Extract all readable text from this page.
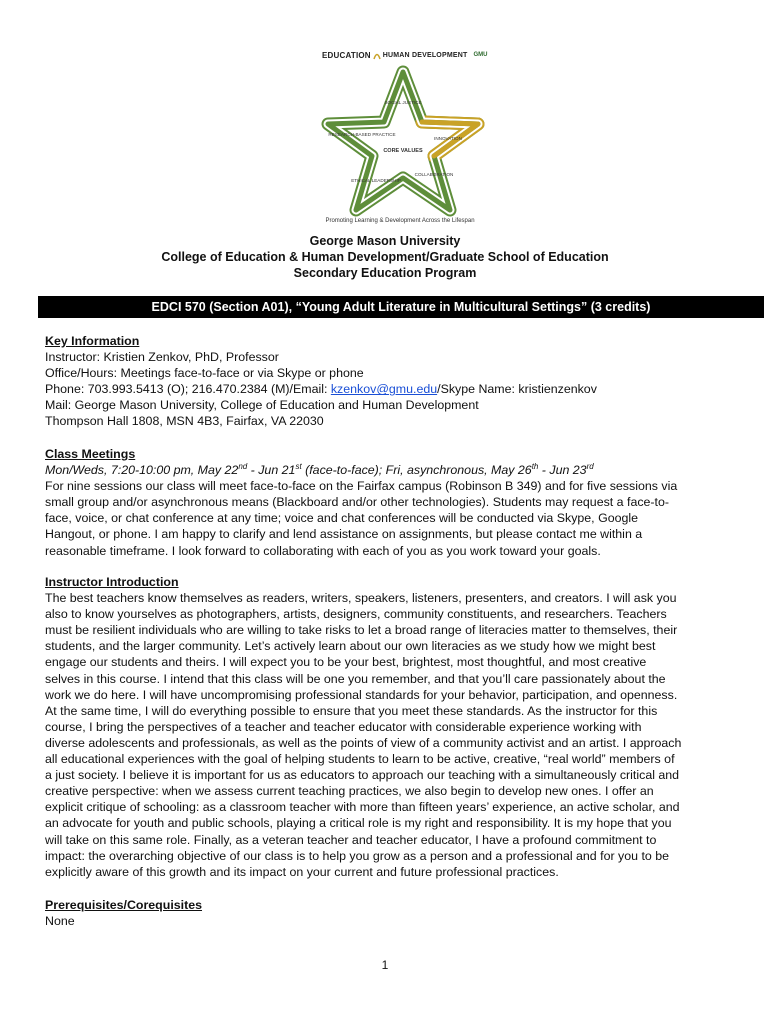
EDUCATION HUMAN DEVELOPMENT GMU
SOCIAL JUSTICE
RESEARCH-BASED PRACTICE
INNOVATION
CORE VALUES
ETHICAL LEADERSHIP
COLLABORATION
Promoting Learning & Development Across the Lifespan
George Mason University
College of Education & Human Development/Graduate School of Education
Secondary Education Program
EDCI 570 (Section A01), “Young Adult Literature in Multicultural Settings” (3 credits)
Key Information
Instructor: Kristien Zenkov, PhD, Professor
Office/Hours: Meetings face-to-face or via Skype or phone
Phone: 703.993.5413 (O); 216.470.2384 (M)/Email: kzenkov@gmu.edu/Skype Name: kristienzenkov
Mail: George Mason University, College of Education and Human Development
Thompson Hall 1808, MSN 4B3, Fairfax, VA 22030
Class Meetings
Mon/Weds, 7:20-10:00 pm, May 22nd - Jun 21st (face-to-face); Fri, asynchronous, May 26th - Jun 23rd
For nine sessions our class will meet face-to-face on the Fairfax campus (Robinson B 349) and for five sessions via
small group and/or asynchronous means (Blackboard and/or other technologies). Students may request a face-to-
face, voice, or chat conference at any time; voice and chat conferences will be conducted via Skype, Google
Hangout, or phone. I am happy to clarify and lend assistance on assignments, but please contact me within a
reasonable timeframe. I look forward to collaborating with each of you as you work toward your goals.
Instructor Introduction
The best teachers know themselves as readers, writers, speakers, listeners, presenters, and creators. I will ask you
also to know yourselves as photographers, artists, designers, community constituents, and researchers. Teachers
must be resilient individuals who are willing to take risks to let a broad range of literacies matter to themselves, their
students, and the larger community. Let’s actively learn about our own literacies as we study how we might best
engage our students and theirs. I will expect you to be your best, brightest, most thoughtful, and most creative
selves in this course. I intend that this class will be one you remember, and that you’ll care passionately about the
work we do here. I will have uncompromising professional standards for your behavior, participation, and openness.
At the same time, I will do everything possible to ensure that you meet these standards. As the instructor for this
course, I bring the perspectives of a teacher and teacher educator with considerable experience working with
diverse adolescents and professionals, as well as the points of view of a community activist and an artist. I approach
all educational experiences with the goal of helping students to learn to be active, creative, “real world” members of
a just society. I believe it is important for us as educators to approach our teaching with a simultaneously critical and
creative perspective: when we assess current teaching practices, we also begin to develop new ones. I offer an
explicit critique of schooling: as a classroom teacher with more than fifteen years’ experience, an active scholar, and
an advocate for youth and public schools, playing a critical role is my right and responsibility. It is my hope that you
will take on this same role. Finally, as a veteran teacher and teacher educator, I have a profound commitment to
impact: the overarching objective of our class is to help you grow as a person and a professional and for you to be
explicitly aware of this growth and its impact on your current and future professional practices.
Prerequisites/Corequisites
None
1
